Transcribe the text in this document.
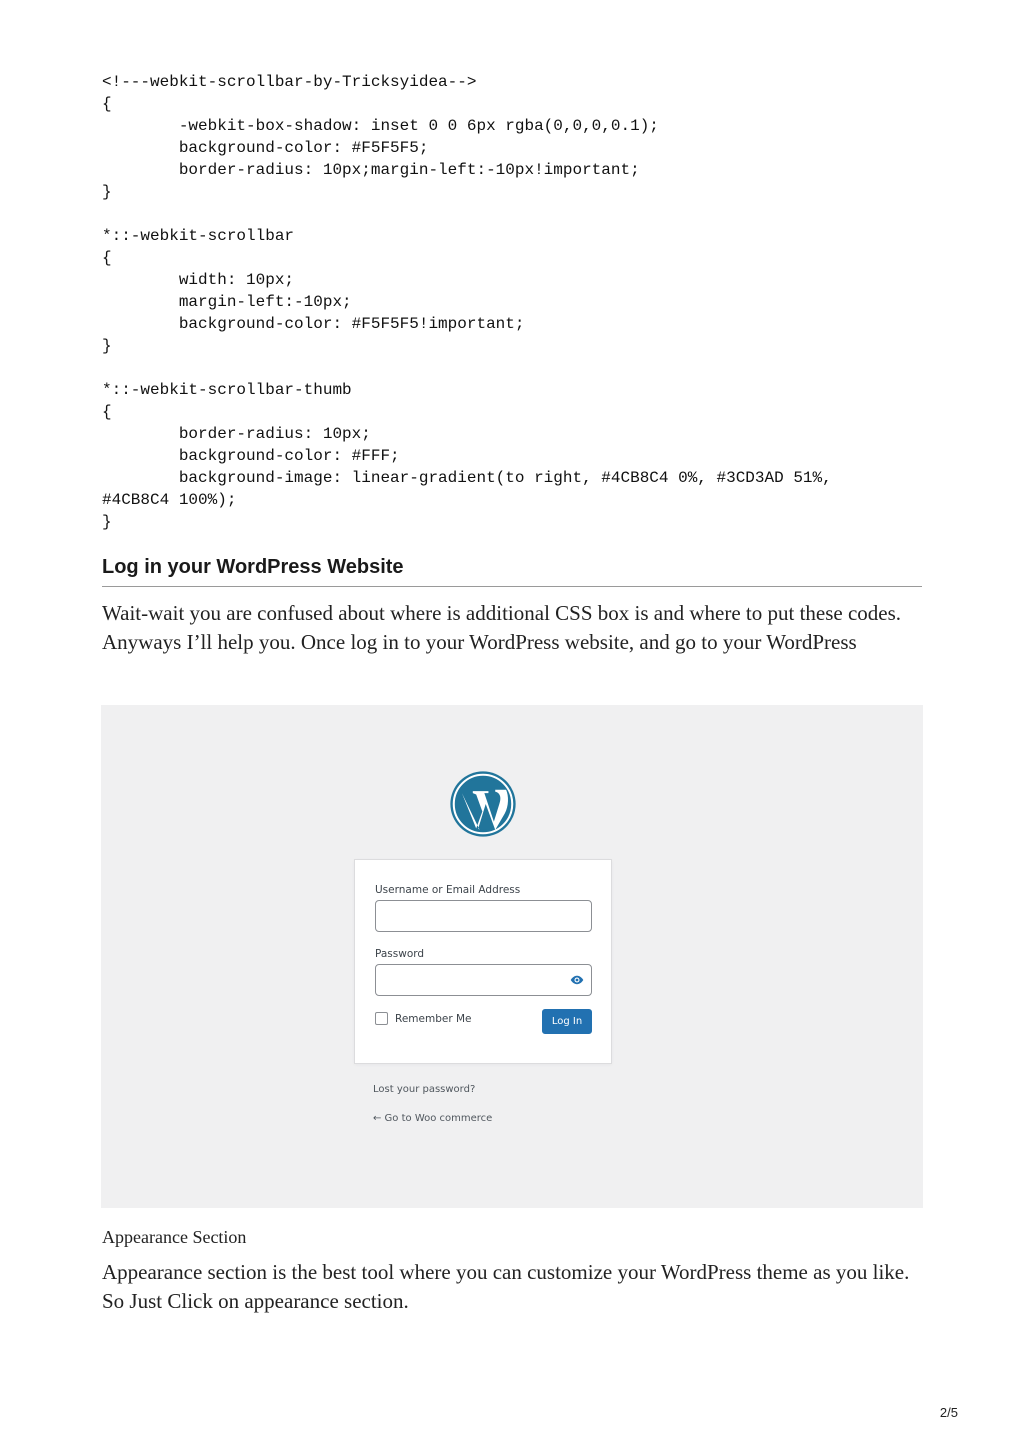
<!---webkit-scrollbar-by-Tricksyidea-->
{
-webkit-box-shadow: inset 0 0 6px rgba(0,0,0,0.1);
background-color: #F5F5F5;
border-radius: 10px;margin-left:-10px!important;
}
*::-webkit-scrollbar
{
width: 10px;
margin-left:-10px;
background-color: #F5F5F5!important;
}
*::-webkit-scrollbar-thumb
{
border-radius: 10px;
background-color: #FFF;
background-image: linear-gradient(to right, #4CB8C4 0%, #3CD3AD 51%,
#4CB8C4 100%);
}
Log in your WordPress Website
Wait-wait you are confused about where is additional CSS box is and where to put these codes. Anyways I’ll help you. Once log in to your WordPress website, and go to your WordPress
Username or Email Address
Password
Remember Me	Log In
Lost your password?
← Go to Woo commerce
Appearance Section
Appearance section is the best tool where you can customize your WordPress theme as you like. So Just Click on appearance section.
2/5
